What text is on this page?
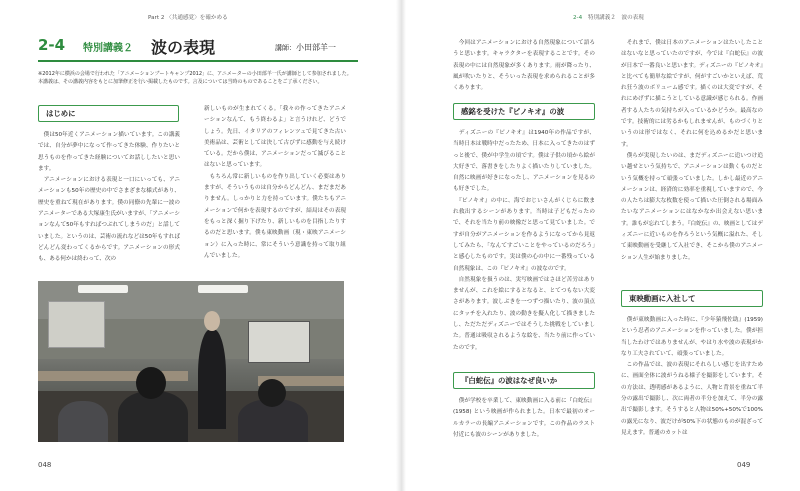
Part 2 〈共通感覚〉を確かめる	2-4 特別講義２　波の表現
2-4 特別講義２ 波の表現	講師：小田部羊一

※2012年に横浜の会場で行われた「アニメーションブートキャンプ2012」に、アニメーターの小田部羊一氏が講師として参加されました。

本講義は、その講義内容をもとに加筆修正を行い掲載したものです。言及については当時のものであることをご了承ください。

はじめに

　僕は50年近くアニメーション描いています。この講義では、自分が夢中になって作ってきた体験、作りたいと思うものを作ってきた経験についてお話ししたいと思います。

　アニメーションにおける表現と一口にいっても、アニメーションも50年の歴史の中でさまざまな様式があり、歴史を重ねて現在があります。僕の同僚の先輩に一波のアニメーターである大塚康生氏がいますが、「アニメーションなんて50年もすればつぶれてしまうのだ」と話していました。というのは、芸術の流れなどは50年もすればどんどん変わってくるからです。アニメーションの形式も、ある何かは終わって、次の

新しいものが生まれてくる。「我々の作ってきたアニメーションなんて、もう終わるよ」と言うけれど、どうでしょう。先日、イタリアのフィレンツェで見てきた古い美術品は、芸術としては決して古びずに感動を与え続けている。だから僕は、アニメーションだって滅びることはないと思っています。

　もちろん常に新しいものを作り出していく必要はありますが、そういうものは自分からどんどん、まだまだありません。しっかりと力を持っています。僕たちもアニメーションで何かを表現するのですが、結局はその表現をもっと深く掘り下げたり、新しいものを目指したりするのだと思います。僕も東映動画（現・東映アニメーション）に入った時に、常にそういう意識を持って取り組んでいました。

　今回はアニメーションにおける自然現象について語ろうと思います。キャラクターを表現することです。その表現の中には自然現象が多くあります。雨が降ったり、風が吹いたりと、そういった表現を求められることが多くあります。

感銘を受けた『ピノキオ』の波

　ディズニーの『ピノキオ』は1940年の作品ですが、当時日本は戦時中だったため、日本に入ってきたのはずっと後で、僕が中学生の頃です。僕は子供の頃から絵が大好きで、落書きをしたりよく描いたりしていました。自然に映画が好きになったし、アニメーションを見るのも好きでした。

　『ピノキオ』の中に、海でおじいさんがくじらに飲まれ救出するシーンがあります。当時は子どもだったので、それを当たり前の映像だと思って見ていました。ですが自分がアニメーションを作るようになってから見返してみたら、「なんてすごいことをやっているのだろう」と感心したものです。実は僕の心の中に一番残っている自然現象は、この『ピノキオ』の波なのです。

　自然現象を扱うのは、実写映画ではさほど苦労はありませんが、これを絵にするとなると、とてつもない大変さがあります。波しぶきを一つずつ描いたり、波の頂点にタッチを入れたり、波の動きを擬人化して描きましたし、ただただディズニーではそうした挑戦をしていました。普通は吸収されるような絵を、当たり前に作っていたのです。

『白蛇伝』の波はなぜ良いか

　僕が学校を卒業して、東映動画に入る前に『白蛇伝』(1958) という映画が作られました。日本で最初のオールカラーの長編アニメーションです。この作品のラスト付近にも波のシーンがありました。

　それまで、僕は日本のアニメーションはたいしたことはないなと思っていたのですが、今では『白蛇伝』の波が日本で一番良いと思います。ディズニーの『ピノキオ』と比べても簡単な絵ですが、何がすごいかといえば、荒れ狂う波のボリューム感です。描くのは大変ですが、それにめげずに描こうとしている意識が感じられる。作画者する人たちの気持ちが入っているかどうか。最高なのです。技術的には劣るかもしれませんが、ものづくりというのは形ではなく、それに何を込めるかだと思います。

　僕らが実現したいのは、まだディズニーに追いつけ追い越せという気持ちで、アニメーションは動くものだという気概を持って頑張っていました。しかし最近のアニメーションは、経済的に効率を重視していますので、今の人たちは膨大な枚数を使って描いた圧倒される場面みたいなアニメーションにはなかなか出会えない思います。誰もが忘れてしまう。『白蛇伝』の、映画としてはディズニーに近いものを作ろうという気概に溢れた、そして東映動画を受継して入社でき、そこから僕のアニメーション人生が始まりました。

東映動画に入社して

　僕が東映動画に入った時に、『少年猿飛佐助』(1959) という忍者のアニメーションを作っていました。僕が担当したわけではありませんが、やはり水や波の表現がかなり工夫されていて、頑張っていました。

　この作品では、波の表現にそれらしい感じを出すために、画面全体に波がうねる様子を撮影をしています。その方法は、透明感があるように、人物と背景を重ねて半分の露出で撮影し、次に両者の半分を加えて、半分の露出で撮影します。そうすると人物は50%+50%で100%の露光になり、波だけが50%下の状態のものが混ざって見えます。普通のカットは

048	049
